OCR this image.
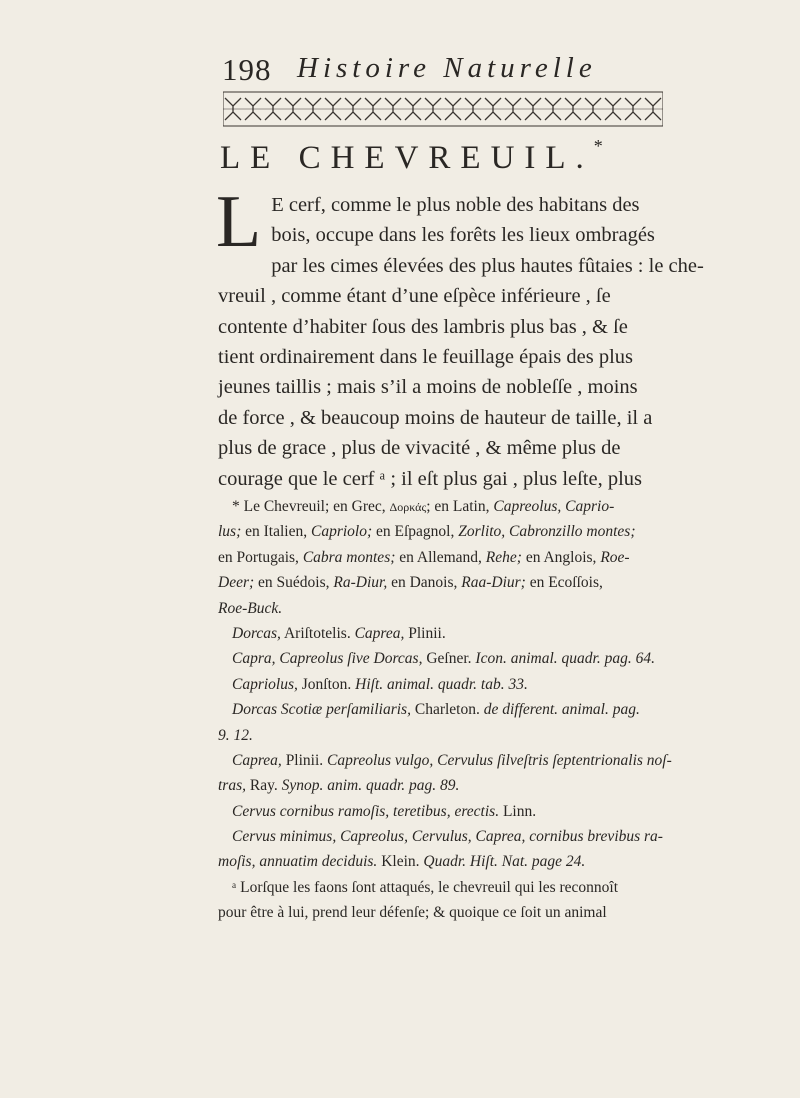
198 Histoire Naturelle
LE CHEVREUIL.*
L E cerf, comme le plus noble des habitans des
bois, occupe dans les forêts les lieux ombragés
par les cimes élevées des plus hautes fûtaies : le che-
vreuil , comme étant d’une eſpèce inférieure , ſe
contente d’habiter ſous des lambris plus bas , & ſe
tient ordinairement dans le feuillage épais des plus
jeunes taillis ; mais s’il a moins de nobleſſe , moins
de force , & beaucoup moins de hauteur de taille, il a
plus de grace , plus de vivacité , & même plus de
courage que le cerf ᵃ ; il eſt plus gai , plus leſte, plus
* Le Chevreuil; en Grec, Δορκάς; en Latin, Capreolus, Caprio-
lus; en Italien, Capriolo; en Eſpagnol, Zorlito, Cabronzillo montes;
en Portugais, Cabra montes; en Allemand, Rehe; en Anglois, Roe-
Deer; en Suédois, Ra-Diur, en Danois, Raa-Diur; en Ecoſſois,
Roe-Buck.
Dorcas, Ariſtotelis. Caprea, Plinii.
Capra, Capreolus ſive Dorcas, Geſner. Icon. animal. quadr. pag. 64.
Capriolus, Jonſton. Hiſt. animal. quadr. tab. 33.
Dorcas Scotiæ perſamiliaris, Charleton. de different. animal. pag.
9. 12.
Caprea, Plinii. Capreolus vulgo, Cervulus ſilveſtris ſeptentrionalis noſ-
tras, Ray. Synop. anim. quadr. pag. 89.
Cervus cornibus ramoſis, teretibus, erectis. Linn.
Cervus minimus, Capreolus, Cervulus, Caprea, cornibus brevibus ra-
moſis, annuatim deciduis. Klein. Quadr. Hiſt. Nat. page 24.
ᵃ Lorſque les faons ſont attaqués, le chevreuil qui les reconnoît
pour être à lui, prend leur défenſe; & quoique ce ſoit un animal
